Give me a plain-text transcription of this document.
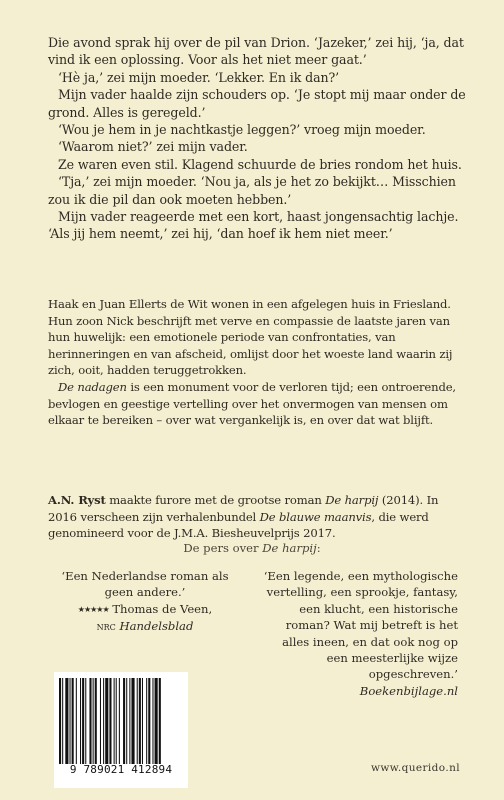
Die avond sprak hij over de pil van Drion. ‘Jazeker,’ zei hij, ‘ja, dat vind ik een oplossing. Voor als het niet meer gaat.’

‘Hè ja,’ zei mijn moeder. ‘Lekker. En ik dan?’

Mijn vader haalde zijn schouders op. ‘Je stopt mij maar onder de grond. Alles is geregeld.’

‘Wou je hem in je nachtkastje leggen?’ vroeg mijn moeder.

‘Waarom niet?’ zei mijn vader.

Ze waren even stil. Klagend schuurde de bries rondom het huis.

‘Tja,’ zei mijn moeder. ‘Nou ja, als je het zo bekijkt… Misschien zou ik die pil dan ook moeten hebben.’

Mijn vader reageerde met een kort, haast jongensachtig lachje.

‘Als jij hem neemt,’ zei hij, ‘dan hoef ik hem niet meer.’

Haak en Juan Ellerts de Wit wonen in een afgelegen huis in Friesland. Hun zoon Nick beschrijft met verve en compassie de laatste jaren van hun huwelijk: een emotionele periode van confrontaties, van herinneringen en van afscheid, omlijst door het woeste land waarin zij zich, ooit, hadden teruggetrokken.

De nadagen is een monument voor de verloren tijd; een ontroerende, bevlogen en geestige vertelling over het onvermogen van mensen om elkaar te bereiken – over wat vergankelijk is, en over dat wat blijft.

A.N. Ryst maakte furore met de grootse roman De harpij (2014). In 2016 verscheen zijn verhalenbundel De blauwe maanvis, die werd genomineerd voor de J.M.A. Biesheuvelprijs 2017.

De pers over De harpij:

‘Een Nederlandse roman als geen andere.’

★★★★★ Thomas de Veen,

nrc Handelsblad

‘Een legende, een mythologische vertelling, een sprookje, fantasy, een klucht, een historische roman? Wat mij betreft is het alles ineen, en dat ook nog op een meesterlijke wijze opgeschreven.’

Boekenbijlage.nl

9 789021 412894	www.querido.nl
